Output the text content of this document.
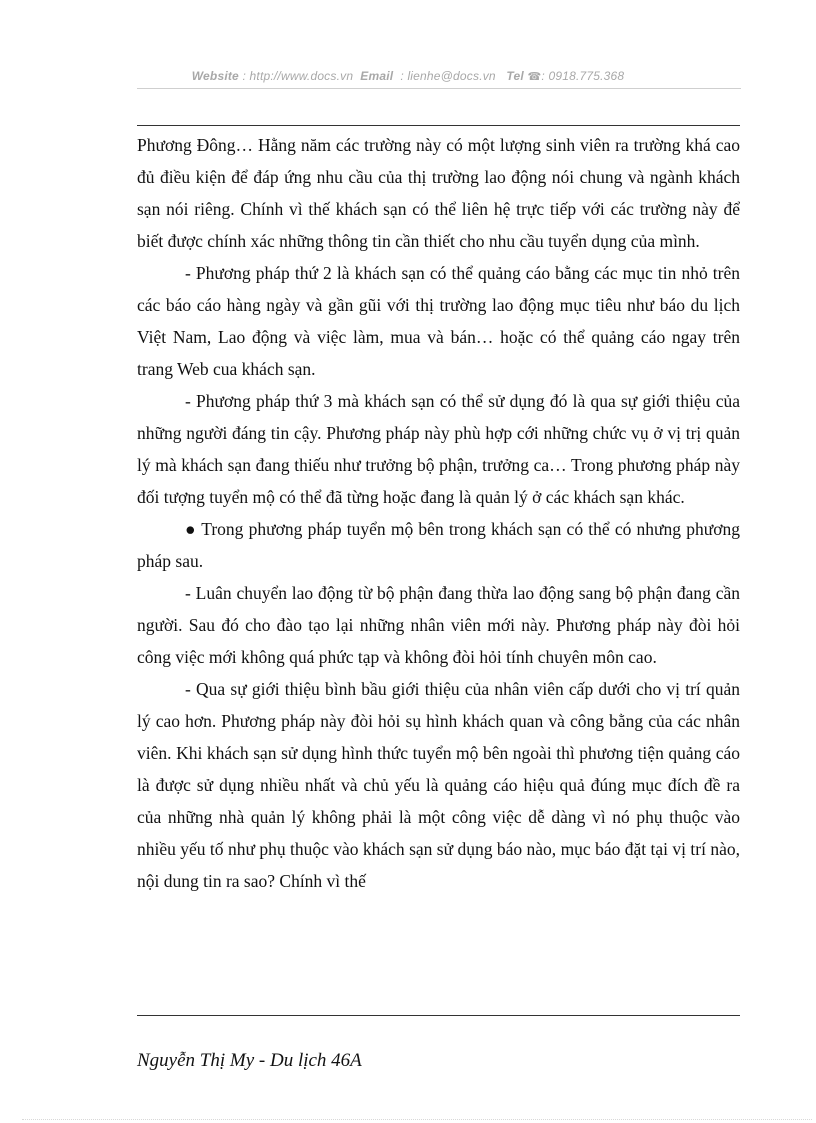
Website : http://www.docs.vn Email : lienhe@docs.vn Tel ☎: 0918.775.368

Phương Đông… Hằng năm các trường này có một lượng sinh viên ra trường khá cao đủ điều kiện để đáp ứng nhu cầu của thị trường lao động nói chung và ngành khách sạn nói riêng. Chính vì thế khách sạn có thể liên hệ trực tiếp với các trường này để biết được chính xác những thông tin cần thiết cho nhu cầu tuyển dụng của mình.

- Phương pháp thứ 2 là khách sạn có thể quảng cáo bằng các mục tin nhỏ trên các báo cáo hàng ngày và gần gũi với thị trường lao động mục tiêu như báo du lịch Việt Nam, Lao động và việc làm, mua và bán… hoặc có thể quảng cáo ngay trên trang Web cua khách sạn.

- Phương pháp thứ 3 mà khách sạn có thể sử dụng đó là qua sự giới thiệu của những người đáng tin cậy. Phương pháp này phù hợp cới những chức vụ ở vị trị quản lý mà khách sạn đang thiếu như trưởng bộ phận, trưởng ca… Trong phương pháp này đối tượng tuyển mộ có thể đã từng hoặc đang là quản lý ở các khách sạn khác.

● Trong phương pháp tuyển mộ bên trong khách sạn có thể có nhưng phương pháp sau.

- Luân chuyển lao động từ bộ phận đang thừa lao động sang bộ phận đang cần người. Sau đó cho đào tạo lại những nhân viên mới này. Phương pháp này đòi hỏi công việc mới không quá phức tạp và không đòi hỏi tính chuyên môn cao.

- Qua sự giới thiệu bình bầu giới thiệu của nhân viên cấp dưới cho vị trí quản lý cao hơn. Phương pháp này đòi hỏi sụ hình khách quan và công bằng của các nhân viên. Khi khách sạn sử dụng hình thức tuyển mộ bên ngoài thì phương tiện quảng cáo là được sử dụng nhiều nhất và chủ yếu là quảng cáo hiệu quả đúng mục đích đề ra của những nhà quản lý không phải là một công việc dễ dàng vì nó phụ thuộc vào nhiều yếu tố như phụ thuộc vào khách sạn sử dụng báo nào, mục báo đặt tại vị trí nào, nội dung tin ra sao? Chính vì thế

Nguyễn Thị My - Du lịch 46A
